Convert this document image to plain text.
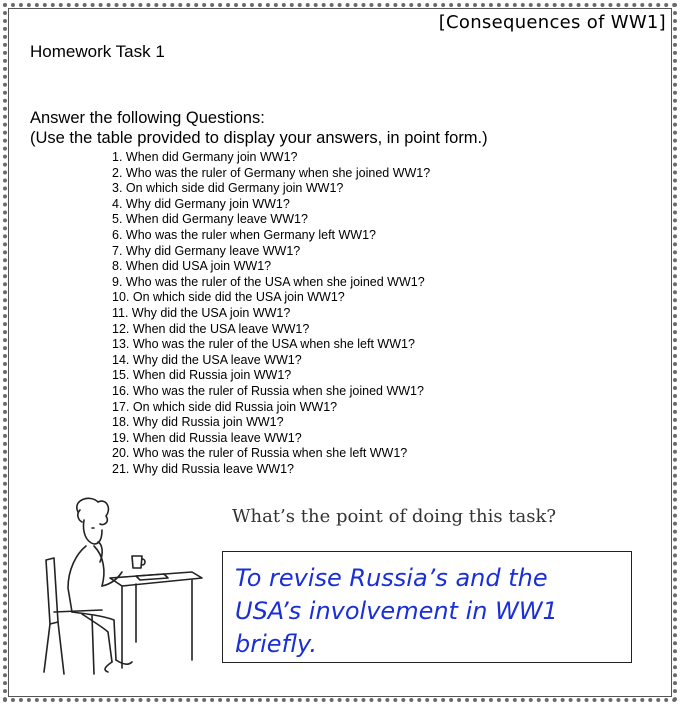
[Consequences of WW1]
Homework Task 1
Answer the following Questions:
(Use the table provided to display your answers, in point form.)
1. When did Germany join WW1?
2. Who was the ruler of Germany when she joined WW1?
3. On which side did Germany join WW1?
4. Why did Germany join WW1?
5. When did Germany leave WW1?
6. Who was the ruler when Germany left WW1?
7. Why did Germany leave WW1?
8. When did USA join WW1?
9. Who was the ruler of the USA when she joined WW1?
10. On which side did the USA join WW1?
11. Why did the USA join WW1?
12. When did the USA leave WW1?
13. Who was the ruler of the USA when she left WW1?
14. Why did the USA leave WW1?
15. When did Russia join WW1?
16. Who was the ruler of Russia when she joined WW1?
17. On which side did Russia join WW1?
18. Why did Russia join WW1?
19. When did Russia leave WW1?
20. Who was the ruler of Russia when she left WW1?
21. Why did Russia leave WW1?
What’s the point of doing this task?
To revise Russia’s and the USA’s involvement in WW1 briefly.
